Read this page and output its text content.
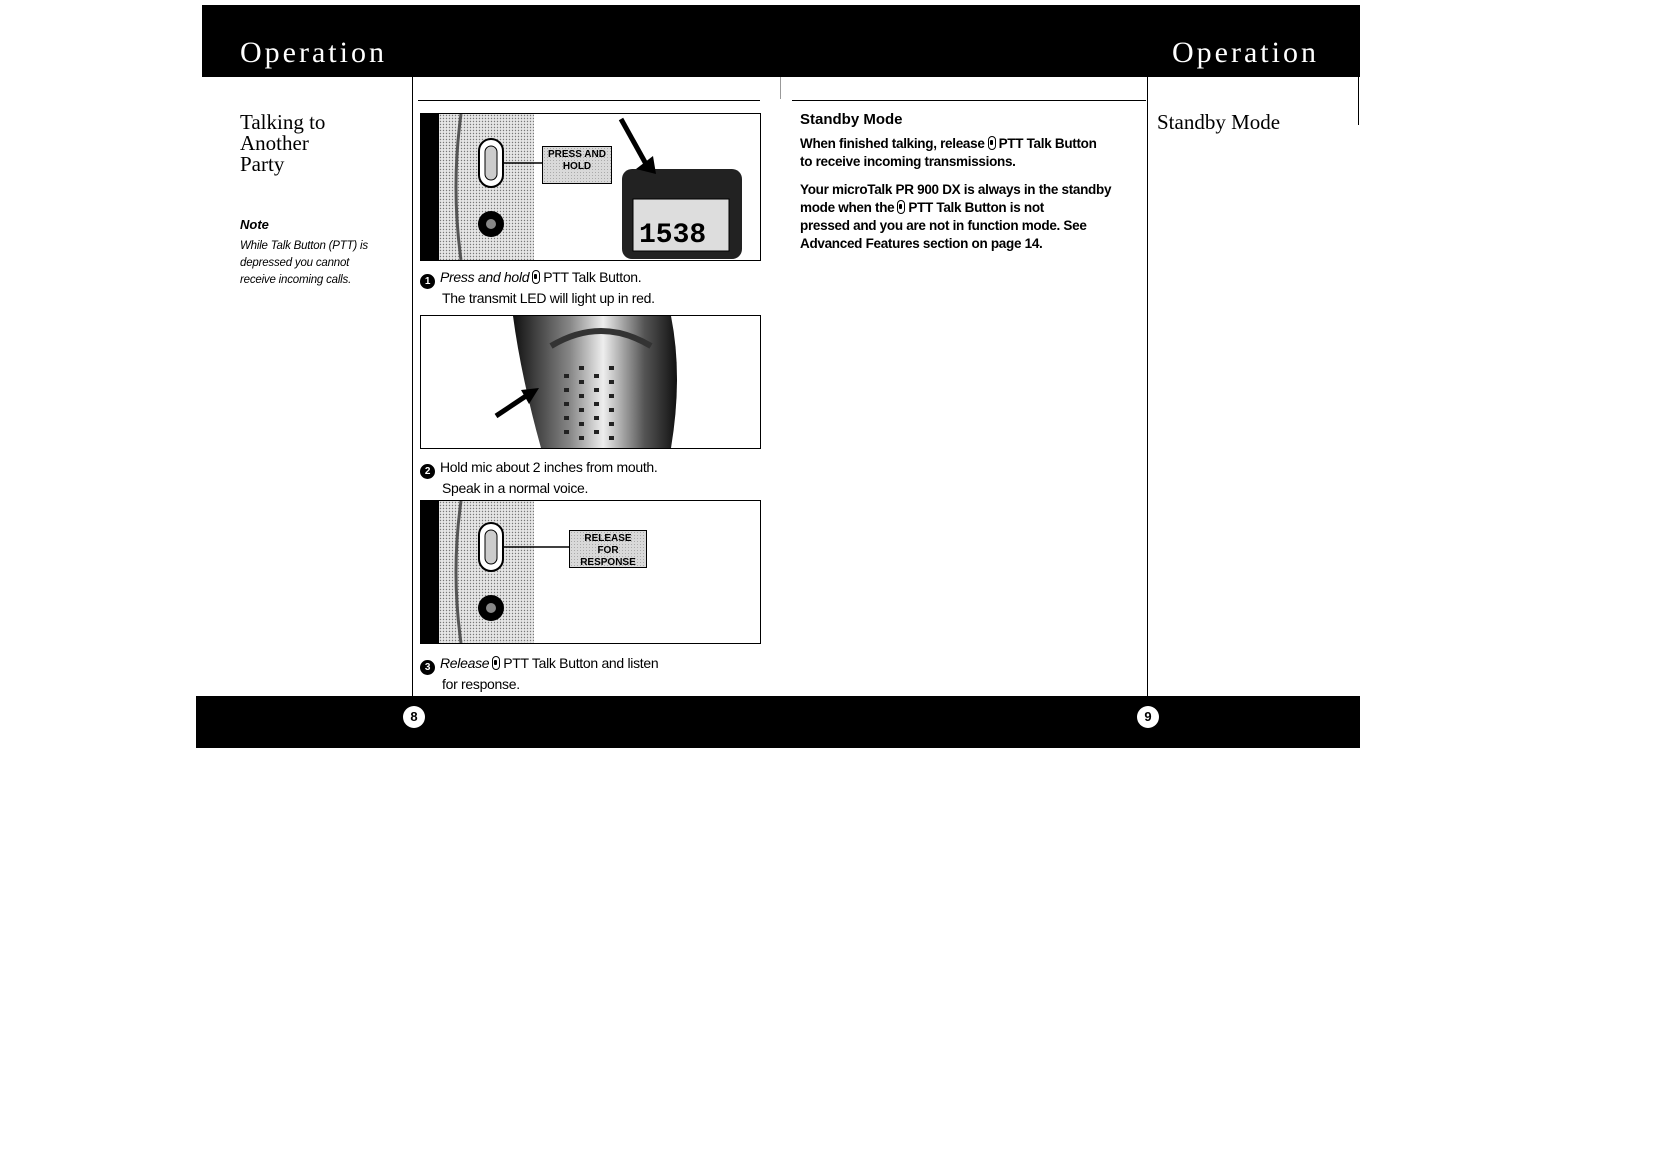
Operation	Operation
Talking to
Another
Party
Note
While Talk Button (PTT) is
depressed you cannot
receive incoming calls.
1538
PRESS AND
HOLD
1 Press and hold PTT Talk Button.
The transmit LED will light up in red.
2 Hold mic about 2 inches from mouth.
Speak in a normal voice.
RELEASE FOR
RESPONSE
3 Release PTT Talk Button and listen
for response.
Standby Mode
When finished talking, release PTT Talk Button
to receive incoming transmissions.
Your microTalk PR 900 DX is always in the standby
mode when the PTT Talk Button is not
pressed and you are not in function mode. See
Advanced Features section on page 14.
Standby Mode
8	9
